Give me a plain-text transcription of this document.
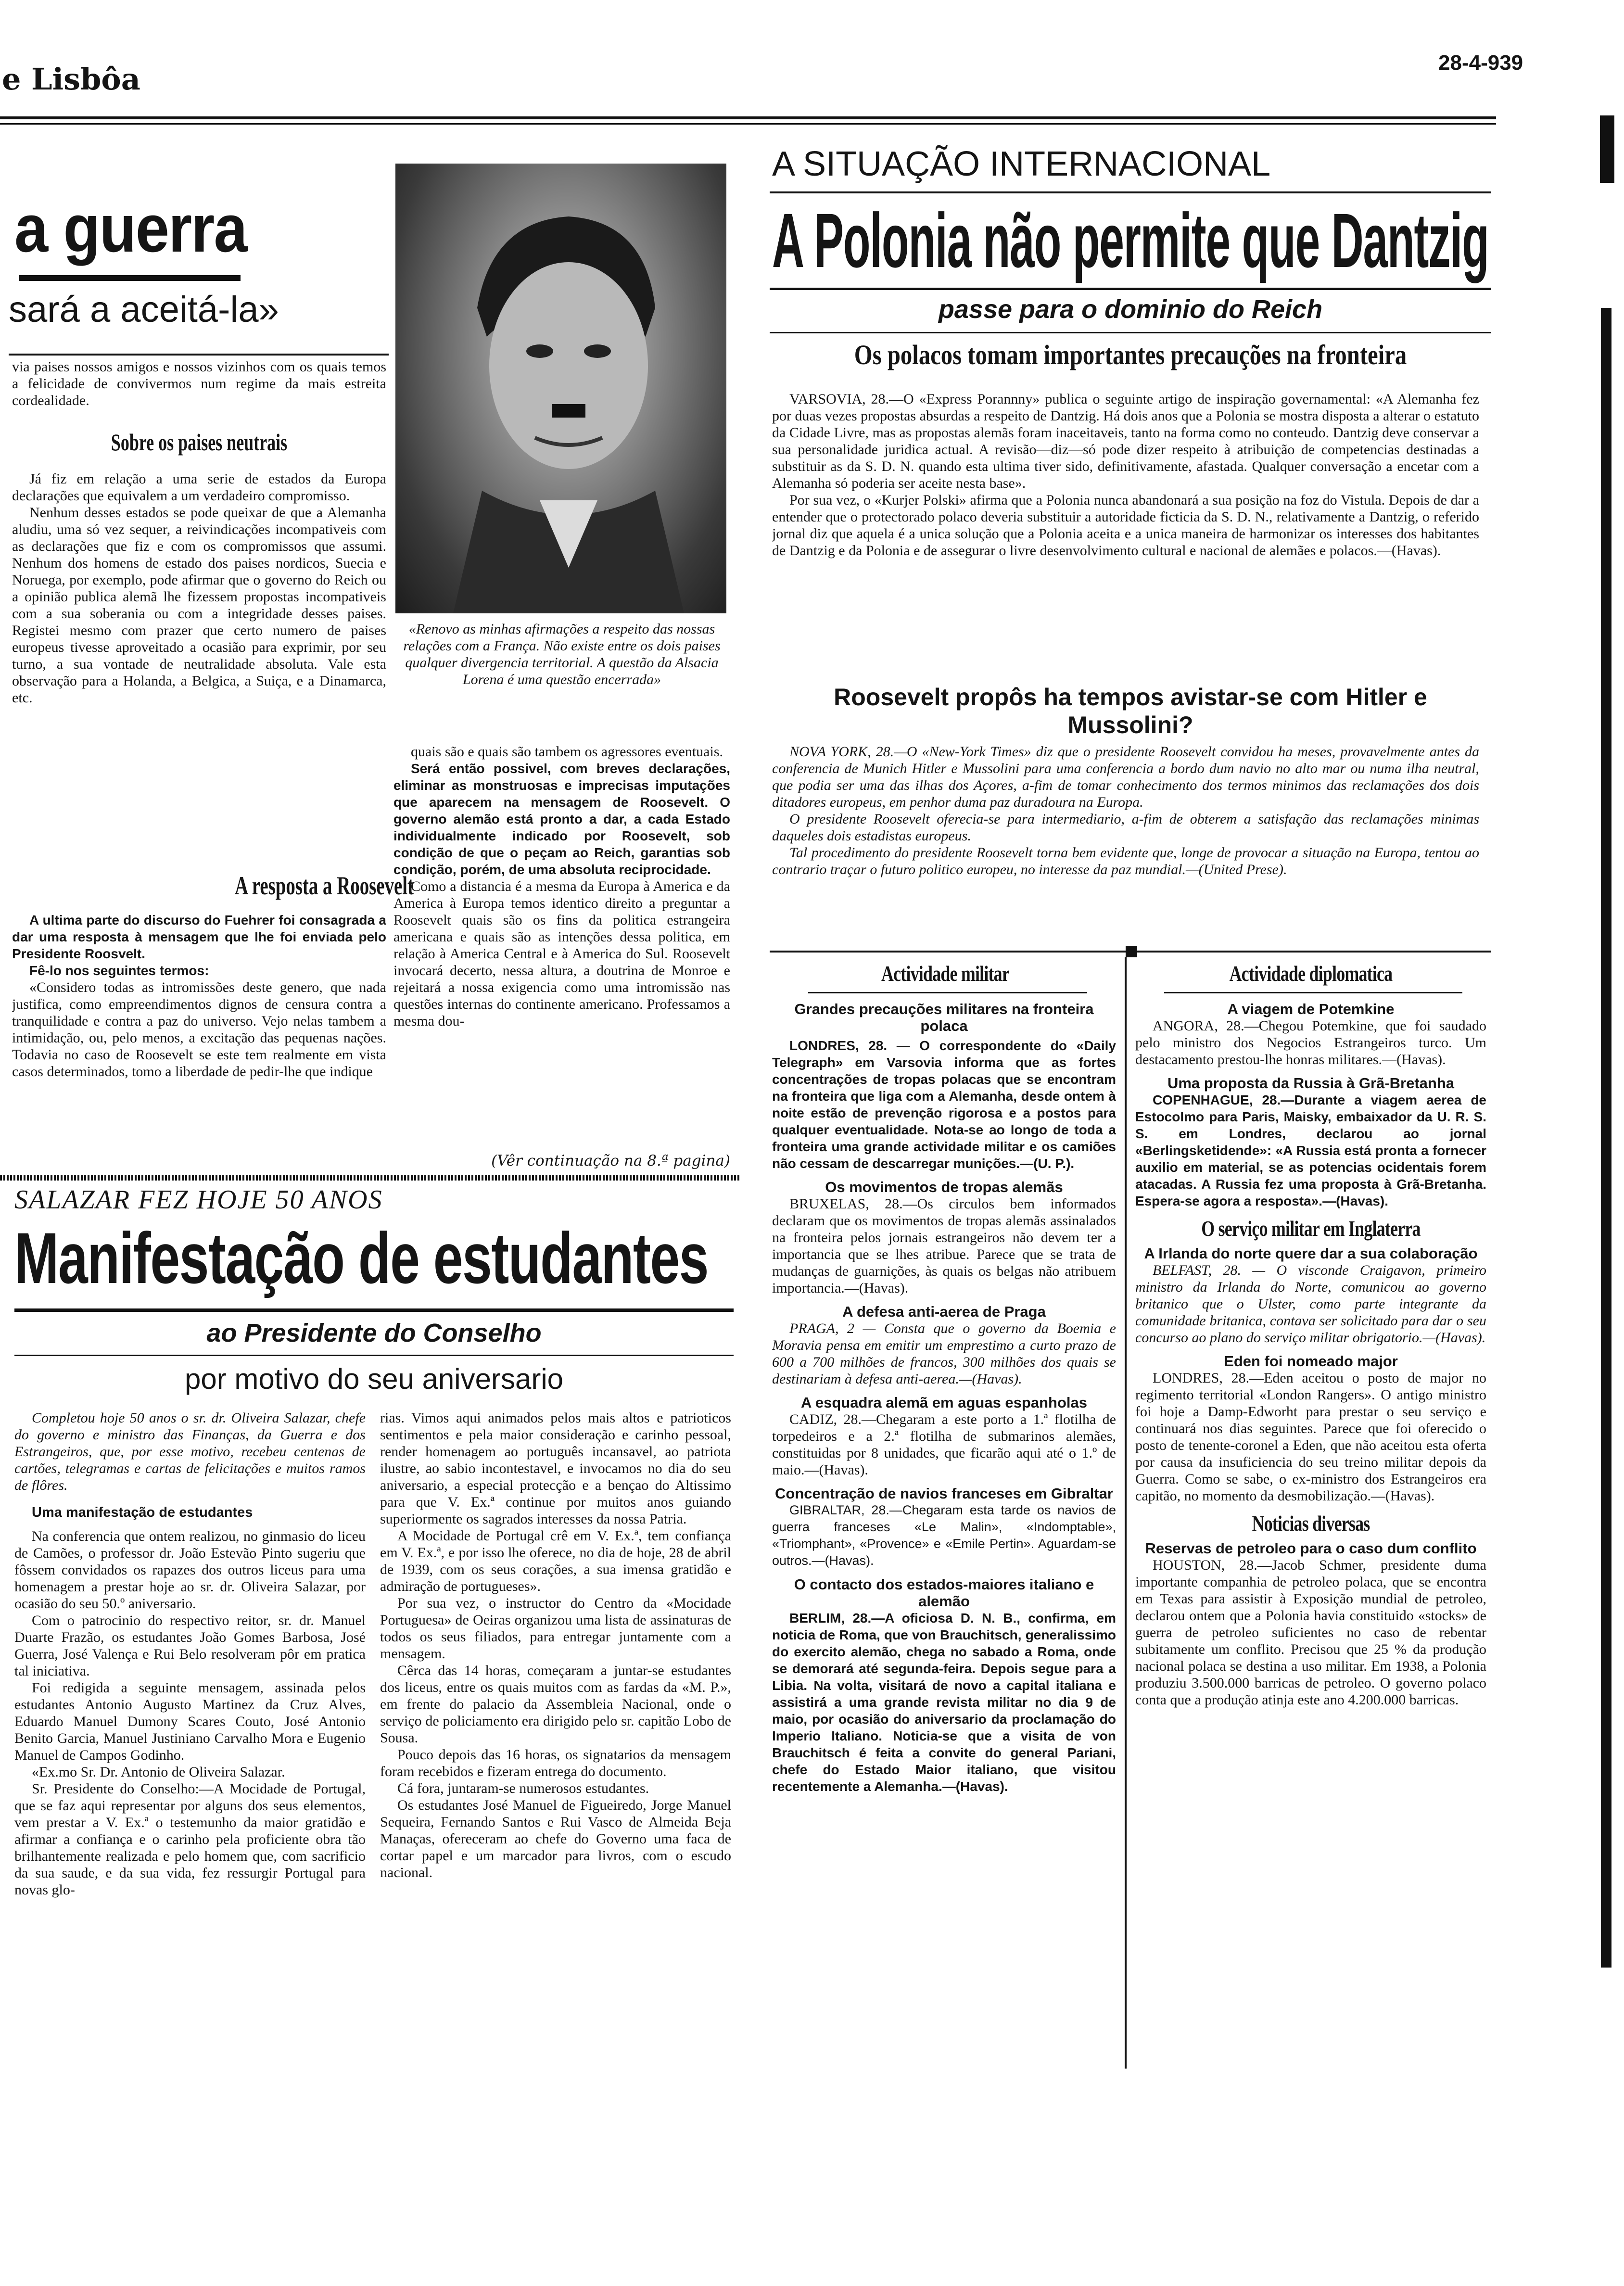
e Lisbôa	28-4-939
a guerra
sará a aceitá-la»

via paises nossos amigos e nossos vizinhos com os quais temos a felicidade de convivermos num regime da mais estreita cordealidade.

Sobre os paises neutrais

Já fiz em relação a uma serie de estados da Europa declarações que equivalem a um verdadeiro compromisso.

Nenhum desses estados se pode queixar de que a Alemanha aludiu, uma só vez sequer, a reivindicações incompativeis com as declarações que fiz e com os compromissos que assumi. Nenhum dos homens de estado dos paises nordicos, Suecia e Noruega, por exemplo, pode afirmar que o governo do Reich ou a opinião publica alemã lhe fizessem propostas incompativeis com a sua soberania ou com a integridade desses paises. Registei mesmo com prazer que certo numero de paises europeus tivesse aproveitado a ocasião para exprimir, por seu turno, a sua vontade de neutralidade absoluta. Vale esta observação para a Holanda, a Belgica, a Suiça, e a Dinamarca, etc.

A resposta a Roosevelt

A ultima parte do discurso do Fuehrer foi consagrada a dar uma resposta à mensagem que lhe foi enviada pelo Presidente Roosvelt.

Fê-lo nos seguintes termos:

«Considero todas as intromissões deste genero, que nada justifica, como empreendimentos dignos de censura contra a tranquilidade e contra a paz do universo. Vejo nelas tambem a intimidação, ou, pelo menos, a excitação das pequenas nações. Todavia no caso de Roosevelt se este tem realmente em vista casos determinados, tomo a liberdade de pedir-lhe que indique

«Renovo as minhas afirmações a respeito das nossas relações com a França. Não existe entre os dois paises qualquer divergencia territorial. A questão da Alsacia Lorena é uma questão encerrada»

quais são e quais são tambem os agressores eventuais.

Será então possivel, com breves declarações, eliminar as monstruosas e imprecisas imputações que aparecem na mensagem de Roosevelt. O governo alemão está pronto a dar, a cada Estado individualmente indicado por Roosevelt, sob condição de que o peçam ao Reich, garantias sob condição, porém, de uma absoluta reciprocidade.

Como a distancia é a mesma da Europa à America e da America à Europa temos identico direito a preguntar a Roosevelt quais são os fins da politica estrangeira americana e quais são as intenções dessa politica, em relação à America Central e à America do Sul. Roosevelt invocará decerto, nessa altura, a doutrina de Monroe e rejeitará a nossa exigencia como uma intromissão nas questões internas do continente americano. Professamos a mesma dou-

(Vêr continuação na 8.ª pagina)
SALAZAR FEZ HOJE 50 ANOS
Manifestação de estudantes
ao Presidente do Conselho
por motivo do seu aniversario

Completou hoje 50 anos o sr. dr. Oliveira Salazar, chefe do governo e ministro das Finanças, da Guerra e dos Estrangeiros, que, por esse motivo, recebeu centenas de cartões, telegramas e cartas de felicitações e muitos ramos de flôres.

Uma manifestação de estudantes

Na conferencia que ontem realizou, no ginmasio do liceu de Camões, o professor dr. João Estevão Pinto sugeriu que fôssem convidados os rapazes dos outros liceus para uma homenagem a prestar hoje ao sr. dr. Oliveira Salazar, por ocasião do seu 50.º aniversario.

Com o patrocinio do respectivo reitor, sr. dr. Manuel Duarte Frazão, os estudantes João Gomes Barbosa, José Guerra, José Valença e Rui Belo resolveram pôr em pratica tal iniciativa.

Foi redigida a seguinte mensagem, assinada pelos estudantes Antonio Augusto Martinez da Cruz Alves, Eduardo Manuel Dumony Scares Couto, José Antonio Benito Garcia, Manuel Justiniano Carvalho Mora e Eugenio Manuel de Campos Godinho.

«Ex.mo Sr. Dr. Antonio de Oliveira Salazar.

Sr. Presidente do Conselho:—A Mocidade de Portugal, que se faz aqui representar por alguns dos seus elementos, vem prestar a V. Ex.ª o testemunho da maior gratidão e afirmar a confiança e o carinho pela proficiente obra tão brilhantemente realizada e pelo homem que, com sacrificio da sua saude, e da sua vida, fez ressurgir Portugal para novas glo-

rias. Vimos aqui animados pelos mais altos e patrioticos sentimentos e pela maior consideração e carinho pessoal, render homenagem ao português incansavel, ao patriota ilustre, ao sabio incontestavel, e invocamos no dia do seu aniversario, a especial protecção e a bençao do Altissimo para que V. Ex.ª continue por muitos anos guiando superiormente os sagrados interesses da nossa Patria.

A Mocidade de Portugal crê em V. Ex.ª, tem confiança em V. Ex.ª, e por isso lhe oferece, no dia de hoje, 28 de abril de 1939, com os seus corações, a sua imensa gratidão e admiração de portugueses».

Por sua vez, o instructor do Centro da «Mocidade Portuguesa» de Oeiras organizou uma lista de assinaturas de todos os seus filiados, para entregar juntamente com a mensagem.

Cêrca das 14 horas, começaram a juntar-se estudantes dos liceus, entre os quais muitos com as fardas da «M. P.», em frente do palacio da Assembleia Nacional, onde o serviço de policiamento era dirigido pelo sr. capitão Lobo de Sousa.

Pouco depois das 16 horas, os signatarios da mensagem foram recebidos e fizeram entrega do documento.

Cá fora, juntaram-se numerosos estudantes.

Os estudantes José Manuel de Figueiredo, Jorge Manuel Sequeira, Fernando Santos e Rui Vasco de Almeida Beja Manaças, ofereceram ao chefe do Governo uma faca de cortar papel e um marcador para livros, com o escudo nacional.

A SITUAÇÃO INTERNACIONAL
A Polonia não permite que Dantzig
passe para o dominio do Reich
Os polacos tomam importantes precauções na fronteira

VARSOVIA, 28.—O «Express Porannny» publica o seguinte artigo de inspiração governamental: «A Alemanha fez por duas vezes propostas absurdas a respeito de Dantzig. Há dois anos que a Polonia se mostra disposta a alterar o estatuto da Cidade Livre, mas as propostas alemãs foram inaceitaveis, tanto na forma como no conteudo. Dantzig deve conservar a sua personalidade juridica actual. A revisão—diz—só pode dizer respeito à atribuição de competencias destinadas a substituir as da S. D. N. quando esta ultima tiver sido, definitivamente, afastada. Qualquer conversação a encetar com a Alemanha só poderia ser aceite nesta base».

Por sua vez, o «Kurjer Polski» afirma que a Polonia nunca abandonará a sua posição na foz do Vistula. Depois de dar a entender que o protectorado polaco deveria substituir a autoridade ficticia da S. D. N., relativamente a Dantzig, o referido jornal diz que aquela é a unica solução que a Polonia aceita e a unica maneira de harmonizar os interesses dos habitantes de Dantzig e da Polonia e de assegurar o livre desenvolvimento cultural e nacional de alemães e polacos.—(Havas).

Roosevelt propôs ha tempos avistar-se com Hitler e Mussolini?

NOVA YORK, 28.—O «New-York Times» diz que o presidente Roosevelt convidou ha meses, provavelmente antes da conferencia de Munich Hitler e Mussolini para uma conferencia a bordo dum navio no alto mar ou numa ilha neutral, que podia ser uma das ilhas dos Açores, a-fim de tomar conhecimento dos termos minimos das reclamações dos dois ditadores europeus, em penhor duma paz duradoura na Europa.

O presidente Roosevelt oferecia-se para intermediario, a-fim de obterem a satisfação das reclamações minimas daqueles dois estadistas europeus.

Tal procedimento do presidente Roosevelt torna bem evidente que, longe de provocar a situação na Europa, tentou ao contrario traçar o futuro politico europeu, no interesse da paz mundial.—(United Prese).

Actividade militar
Grandes precauções militares na fronteira polaca

LONDRES, 28. — O correspondente do «Daily Telegraph» em Varsovia informa que as fortes concentrações de tropas polacas que se encontram na fronteira que liga com a Alemanha, desde ontem à noite estão de prevenção rigorosa e a postos para qualquer eventualidade. Nota-se ao longo de toda a fronteira uma grande actividade militar e os camiões não cessam de descarregar munições.—(U. P.).

Os movimentos de tropas alemãs

BRUXELAS, 28.—Os circulos bem informados declaram que os movimentos de tropas alemãs assinalados na fronteira pelos jornais estrangeiros não devem ter a importancia que se lhes atribue. Parece que se trata de mudanças de guarnições, às quais os belgas não atribuem importancia.—(Havas).

A defesa anti-aerea de Praga

PRAGA, 2 — Consta que o governo da Boemia e Moravia pensa em emitir um emprestimo a curto prazo de 600 a 700 milhões de francos, 300 milhões dos quais se destinariam à defesa anti-aerea.—(Havas).

A esquadra alemã em aguas espanholas

CADIZ, 28.—Chegaram a este porto a 1.ª flotilha de torpedeiros e a 2.ª flotilha de submarinos alemães, constituidas por 8 unidades, que ficarão aqui até o 1.º de maio.—(Havas).

Concentração de navios franceses em Gibraltar

GIBRALTAR, 28.—Chegaram esta tarde os navios de guerra franceses «Le Malin», «Indomptable», «Triomphant», «Provence» e «Emile Pertin». Aguardam-se outros.—(Havas).

O contacto dos estados-maiores italiano e alemão

BERLIM, 28.—A oficiosa D. N. B., confirma, em noticia de Roma, que von Brauchitsch, generalissimo do exercito alemão, chega no sabado a Roma, onde se demorará até segunda-feira. Depois segue para a Libia. Na volta, visitará de novo a capital italiana e assistirá a uma grande revista militar no dia 9 de maio, por ocasião do aniversario da proclamação do Imperio Italiano. Noticia-se que a visita de von Brauchitsch é feita a convite do general Pariani, chefe do Estado Maior italiano, que visitou recentemente a Alemanha.—(Havas).

Actividade diplomatica
A viagem de Potemkine

ANGORA, 28.—Chegou Potemkine, que foi saudado pelo ministro dos Negocios Estrangeiros turco. Um destacamento prestou-lhe honras militares.—(Havas).

Uma proposta da Russia à Grã-Bretanha

COPENHAGUE, 28.—Durante a viagem aerea de Estocolmo para Paris, Maisky, embaixador da U. R. S. S. em Londres, declarou ao jornal «Berlingsketidende»: «A Russia está pronta a fornecer auxilio em material, se as potencias ocidentais forem atacadas. A Russia fez uma proposta à Grã-Bretanha. Espera-se agora a resposta».—(Havas).

O serviço militar em Inglaterra
A Irlanda do norte quere dar a sua colaboração

BELFAST, 28. — O visconde Craigavon, primeiro ministro da Irlanda do Norte, comunicou ao governo britanico que o Ulster, como parte integrante da comunidade britanica, contava ser solicitado para dar o seu concurso ao plano do serviço militar obrigatorio.—(Havas).

Eden foi nomeado major

LONDRES, 28.—Eden aceitou o posto de major no regimento territorial «London Rangers». O antigo ministro foi hoje a Damp-Edworht para prestar o seu serviço e continuará nos dias seguintes. Parece que foi oferecido o posto de tenente-coronel a Eden, que não aceitou esta oferta por causa da insuficiencia do seu treino militar depois da Guerra. Como se sabe, o ex-ministro dos Estrangeiros era capitão, no momento da desmobilização.—(Havas).

Noticias diversas
Reservas de petroleo para o caso dum conflito

HOUSTON, 28.—Jacob Schmer, presidente duma importante companhia de petroleo polaca, que se encontra em Texas para assistir à Exposição mundial de petroleo, declarou ontem que a Polonia havia constituido «stocks» de guerra de petroleo suficientes no caso de rebentar subitamente um conflito. Precisou que 25 % da produção nacional polaca se destina a uso militar. Em 1938, a Polonia produziu 3.500.000 barricas de petroleo. O governo polaco conta que a produção atinja este ano 4.200.000 barricas.
